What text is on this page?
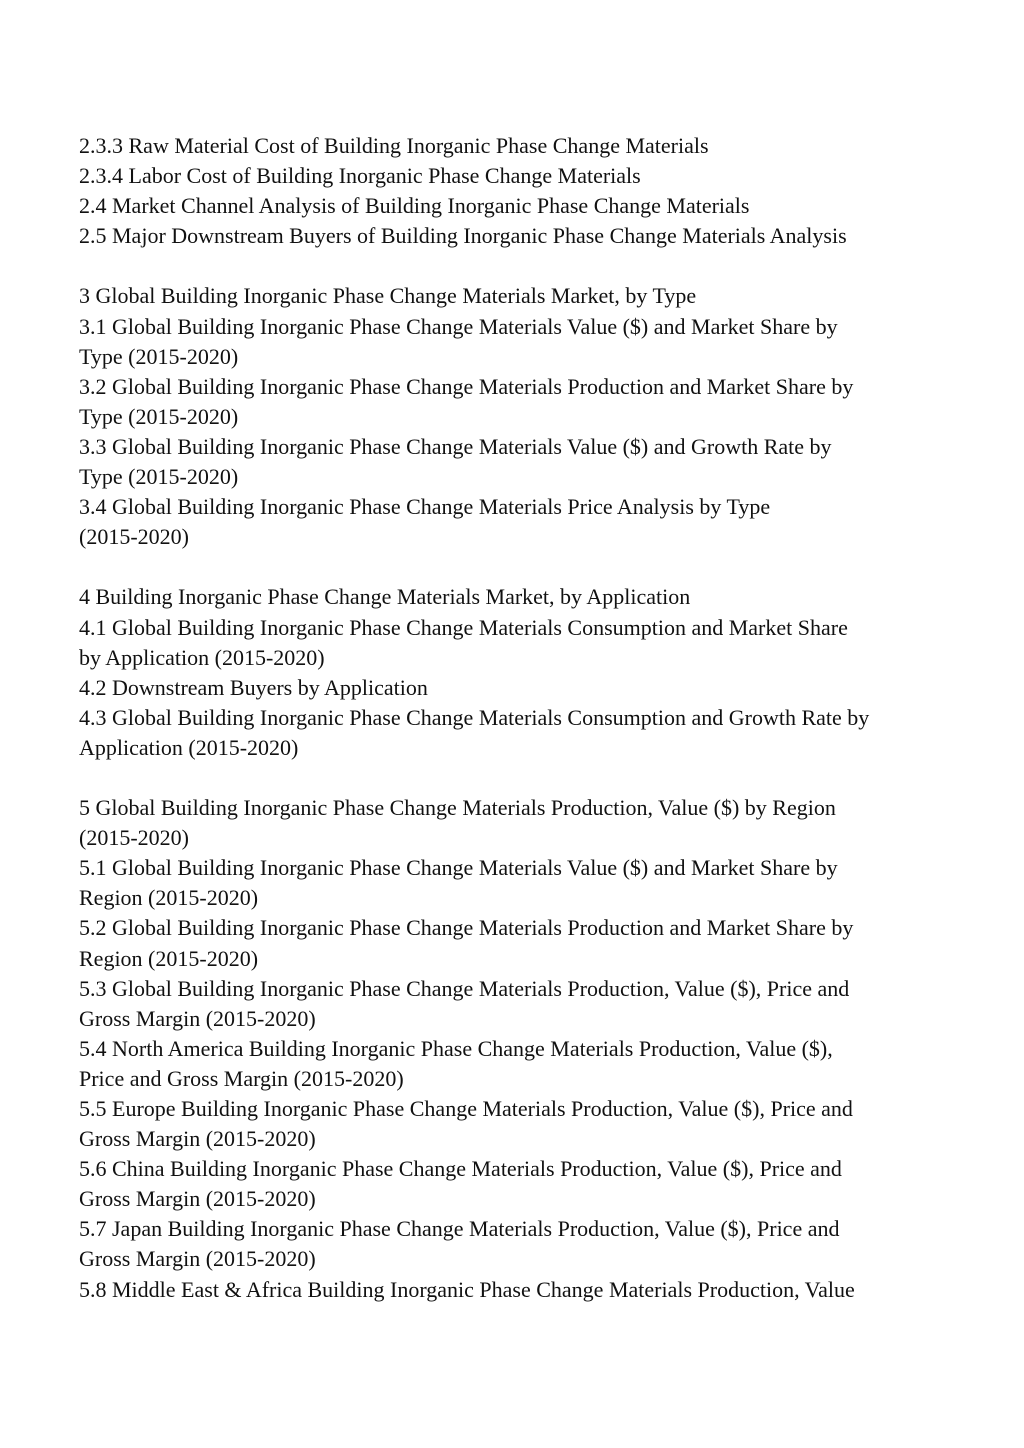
2.3.3 Raw Material Cost of Building Inorganic Phase Change Materials

2.3.4 Labor Cost of Building Inorganic Phase Change Materials

2.4 Market Channel Analysis of Building Inorganic Phase Change Materials

2.5 Major Downstream Buyers of Building Inorganic Phase Change Materials Analysis

3 Global Building Inorganic Phase Change Materials Market, by Type

3.1 Global Building Inorganic Phase Change Materials Value ($) and Market Share by

Type (2015-2020)

3.2 Global Building Inorganic Phase Change Materials Production and Market Share by

Type (2015-2020)

3.3 Global Building Inorganic Phase Change Materials Value ($) and Growth Rate by

Type (2015-2020)

3.4 Global Building Inorganic Phase Change Materials Price Analysis by Type

(2015-2020)

4 Building Inorganic Phase Change Materials Market, by Application

4.1 Global Building Inorganic Phase Change Materials Consumption and Market Share

by Application (2015-2020)

4.2 Downstream Buyers by Application

4.3 Global Building Inorganic Phase Change Materials Consumption and Growth Rate by

Application (2015-2020)

5 Global Building Inorganic Phase Change Materials Production, Value ($) by Region

(2015-2020)

5.1 Global Building Inorganic Phase Change Materials Value ($) and Market Share by

Region (2015-2020)

5.2 Global Building Inorganic Phase Change Materials Production and Market Share by

Region (2015-2020)

5.3 Global Building Inorganic Phase Change Materials Production, Value ($), Price and

Gross Margin (2015-2020)

5.4 North America Building Inorganic Phase Change Materials Production, Value ($),

Price and Gross Margin (2015-2020)

5.5 Europe Building Inorganic Phase Change Materials Production, Value ($), Price and

Gross Margin (2015-2020)

5.6 China Building Inorganic Phase Change Materials Production, Value ($), Price and

Gross Margin (2015-2020)

5.7 Japan Building Inorganic Phase Change Materials Production, Value ($), Price and

Gross Margin (2015-2020)

5.8 Middle East & Africa Building Inorganic Phase Change Materials Production, Value
